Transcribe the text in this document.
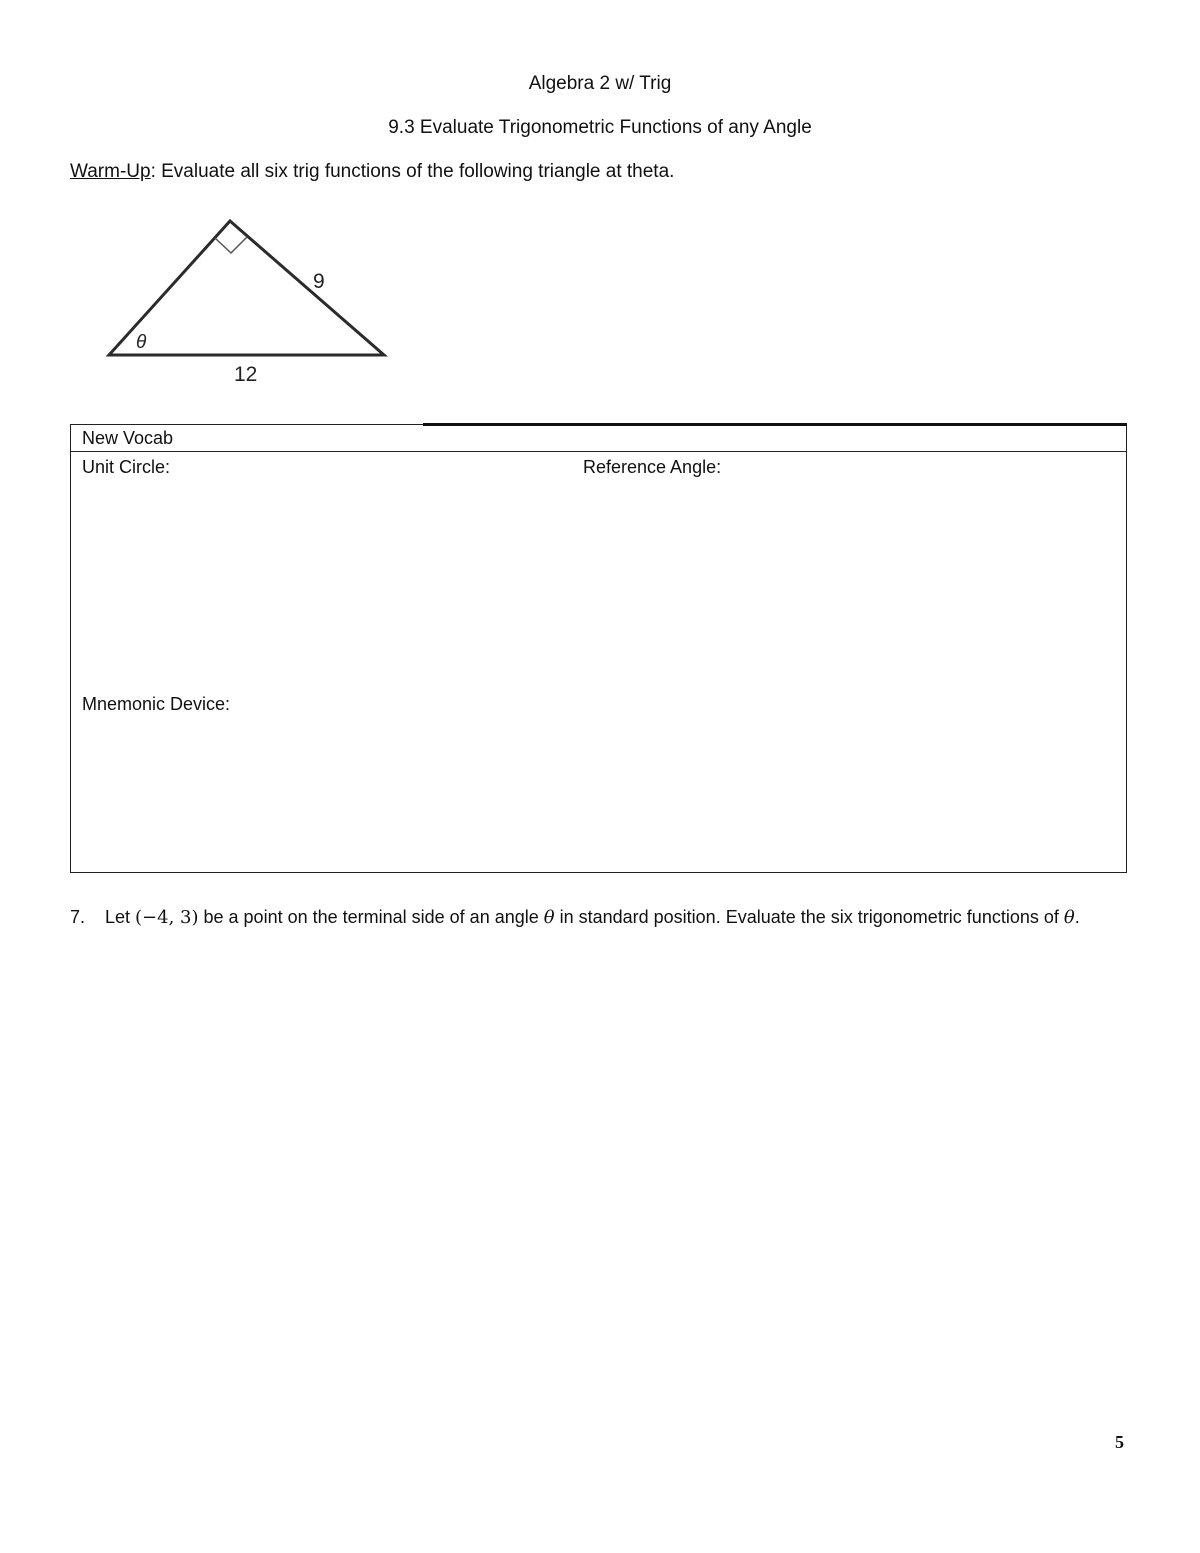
Algebra 2 w/ Trig
9.3 Evaluate Trigonometric Functions of any Angle
Warm-Up: Evaluate all six trig functions of the following triangle at theta.
9
θ
12
New Vocab
Unit Circle:	Reference Angle:
Mnemonic Device:
7. Let (−4, 3) be a point on the terminal side of an angle θ in standard position. Evaluate the six trigonometric functions of θ.
5
